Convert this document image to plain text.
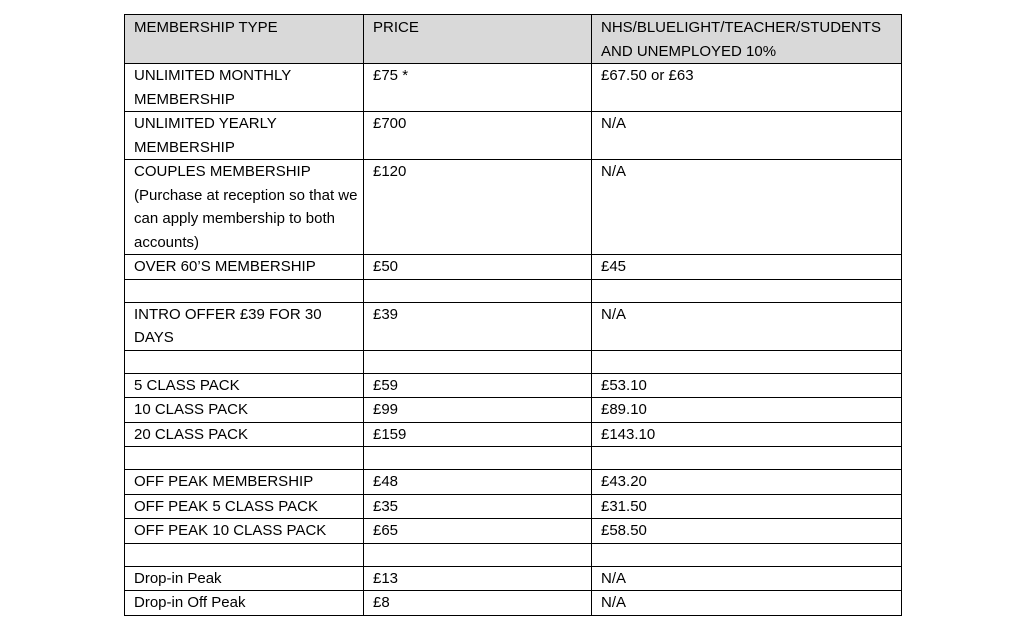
MEMBERSHIP TYPE	PRICE	NHS/BLUELIGHT/TEACHER/STUDENTS AND UNEMPLOYED 10%
UNLIMITED MONTHLY MEMBERSHIP	£75 *	£67.50 or £63
UNLIMITED YEARLY MEMBERSHIP	£700	N/A
COUPLES MEMBERSHIP (Purchase at reception so that we can apply membership to both accounts)	£120	N/A
OVER 60’S MEMBERSHIP	£50	£45

INTRO OFFER £39 FOR 30 DAYS	£39	N/A

5 CLASS PACK	£59	£53.10
10 CLASS PACK	£99	£89.10
20 CLASS PACK	£159	£143.10

OFF PEAK MEMBERSHIP	£48	£43.20
OFF PEAK 5 CLASS PACK	£35	£31.50
OFF PEAK 10 CLASS PACK	£65	£58.50

Drop-in Peak	£13	N/A
Drop-in Off Peak	£8	N/A
